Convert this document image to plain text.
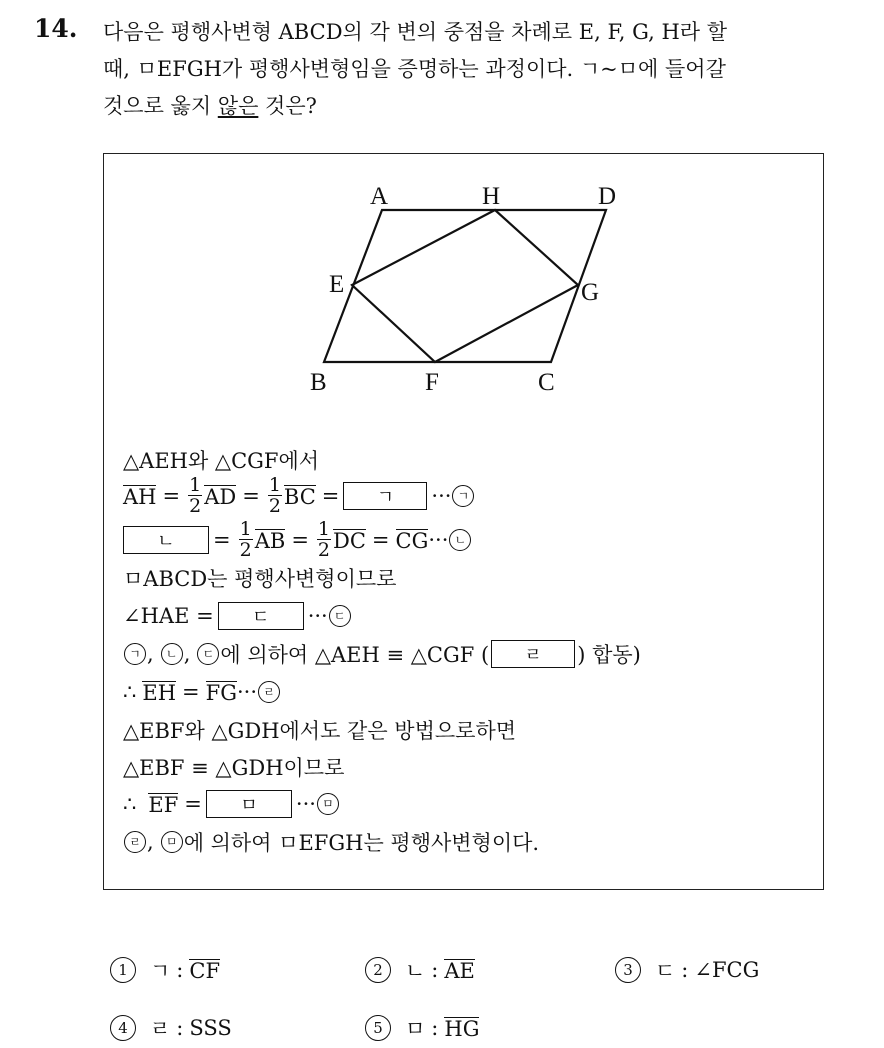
14. 다음은 평행사변형 ABCD의 각 변의 중점을 차례로 E, F, G, H라 할
때, ㅁEFGH가 평행사변형임을 증명하는 과정이다. ㄱ~ㅁ에 들어갈
것으로 옳지 않은 것은?
A	H	D
E	G
B	F	C
△AEH와 △CGF에서
AH = $\frac{1}{2}$ AD = $\frac{1}{2}$ BC =	ㄱ	··· ㄱ
ㄴ	= $\frac{1}{2}$ AB = $\frac{1}{2}$ DC = CG ··· ㄴ
ㅁABCD는 평행사변형이므로
∠HAE =	ㄷ	··· ㄷ
ㄱ ,	ㄴ ,	ㄷ 에 의하여 △AEH ≡ △CGF (	ㄹ	) 합동)
∴ EH = FG ··· ㄹ
△EBF와 △GDH에서도 같은 방법으로하면
△EBF ≡ △GDH이므로
∴ EF =	ㅁ	··· ㅁ
ㄹ ,	ㅁ 에 의하여 ㅁEFGH는 평행사변형이다.
1	ㄱ : CF	2	ㄴ : AE	3	ㄷ : ∠FCG
4	ㄹ : SSS	5	ㅁ : HG
